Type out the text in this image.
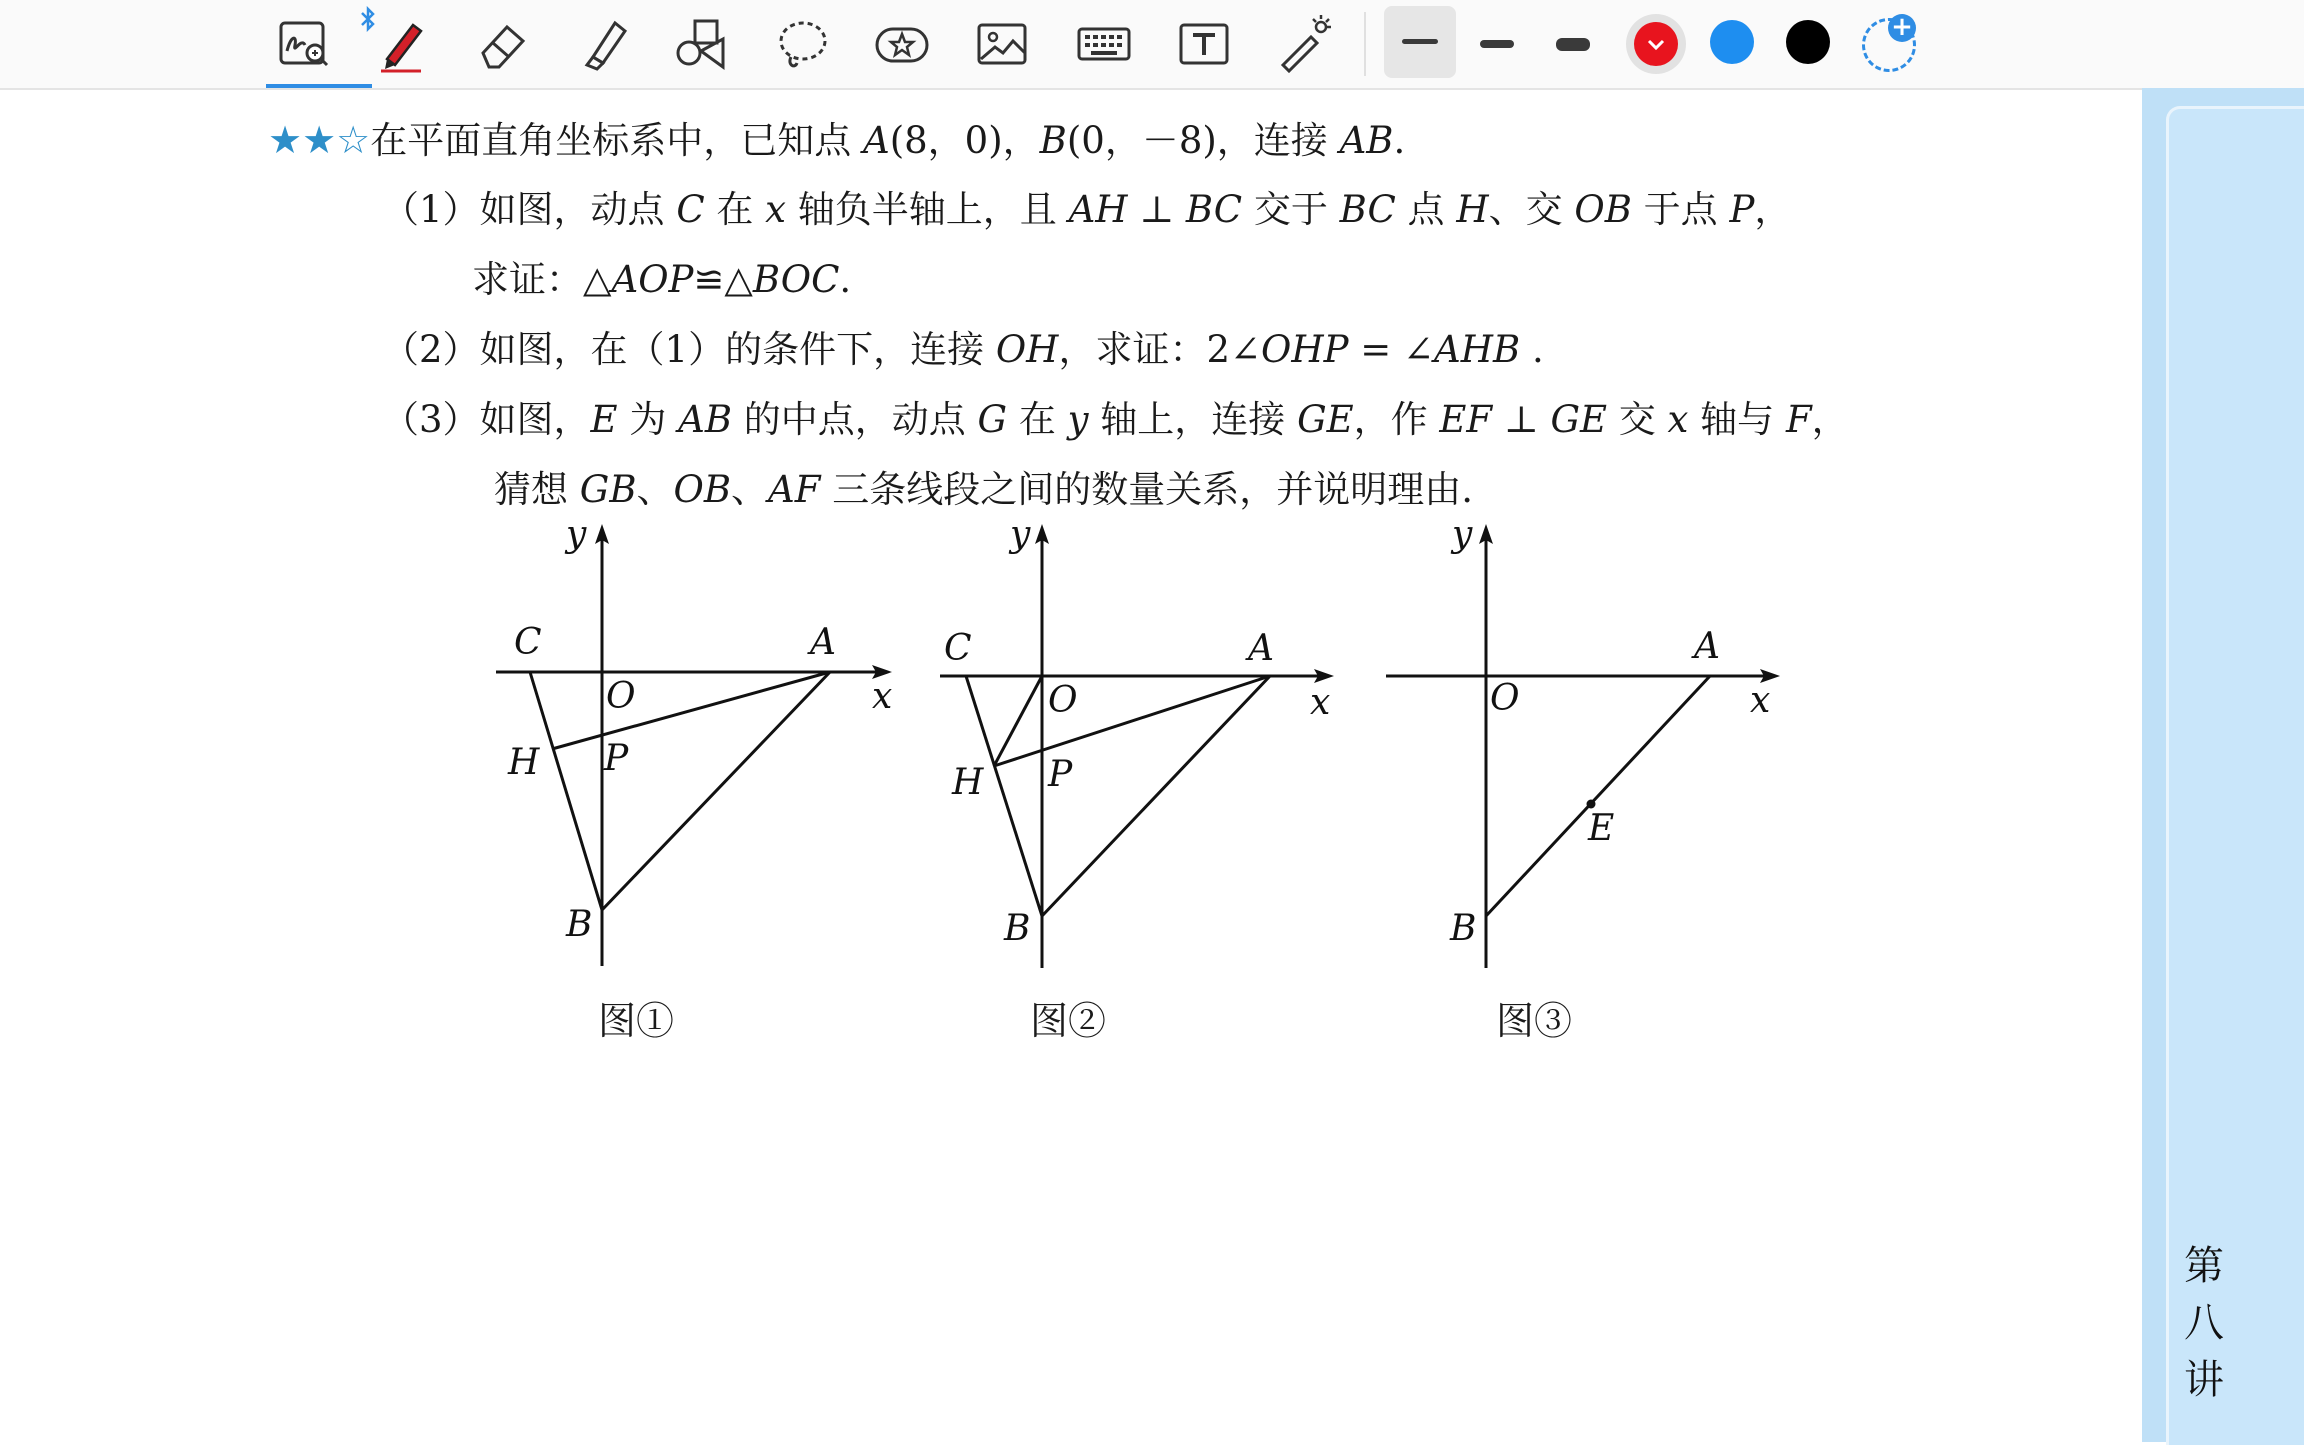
+
第
八
讲
★★☆在平面直角坐标系中，已知点 A(8，0)，B(0，－8)，连接 AB.
（1）如图，动点 C 在 x 轴负半轴上，且 AH ⊥ BC 交于 BC 点 H、交 OB 于点 P，
求证：△AOP≌△BOC.
（2）如图，在（1）的条件下，连接 OH，求证：2∠OHP = ∠AHB .
（3）如图，E 为 AB 的中点，动点 G 在 y 轴上，连接 GE，作 EF ⊥ GE 交 x 轴与 F，
猜想 GB、OB、AF 三条线段之间的数量关系，并说明理由.
y
x
C	A
O
H P
B
图①
y
x
C	A
O
H P
B
图②
y
x
A
O
E
B
图③
